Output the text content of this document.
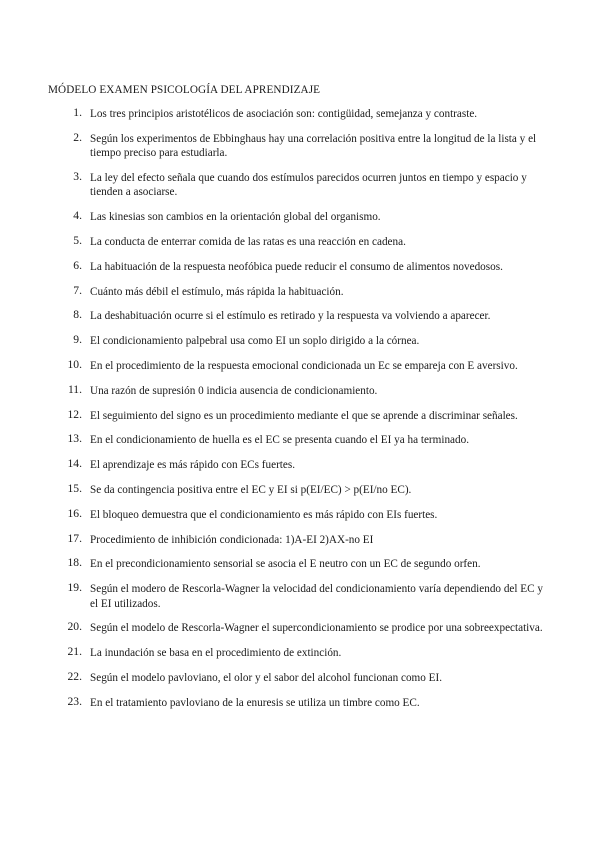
MÓDELO EXAMEN PSICOLOGÍA DEL APRENDIZAJE
1. Los tres principios aristotélicos de asociación son: contigüidad, semejanza y contraste.
2. Según los experimentos de Ebbinghaus hay una correlación positiva entre la longitud de la lista y el tiempo preciso para estudiarla.
3. La ley del efecto señala que cuando dos estímulos parecidos ocurren juntos en tiempo y espacio y tienden a asociarse.
4. Las kinesias son cambios en la orientación global del organismo.
5. La conducta de enterrar comida de las ratas es una reacción en cadena.
6. La habituación de la respuesta neofóbica puede reducir el consumo de alimentos novedosos.
7. Cuánto más débil el estímulo, más rápida la habituación.
8. La deshabituación ocurre si el estímulo es retirado y la respuesta va volviendo a aparecer.
9. El condicionamiento palpebral usa como EI un soplo dirigido a la córnea.
10. En el procedimiento de la respuesta emocional condicionada un Ec se empareja con E aversivo.
11. Una razón de supresión 0 indicia ausencia de condicionamiento.
12. El seguimiento del signo es un procedimiento mediante el que se aprende a discriminar señales.
13. En el condicionamiento de huella es el EC se presenta cuando el EI ya ha terminado.
14. El aprendizaje es más rápido con ECs fuertes.
15. Se da contingencia positiva entre el EC y EI si p(EI/EC) > p(EI/no EC).
16. El bloqueo demuestra que el condicionamiento es más rápido con EIs fuertes.
17. Procedimiento de inhibición condicionada: 1)A-EI 2)AX-no EI
18. En el precondicionamiento sensorial se asocia el E neutro con un EC de segundo orfen.
19. Según el modero de Rescorla-Wagner la velocidad del condicionamiento varía dependiendo del EC y el EI utilizados.
20. Según el modelo de Rescorla-Wagner el supercondicionamiento se prodice por una sobreexpectativa.
21. La inundación se basa en el procedimiento de extinción.
22. Según el modelo pavloviano, el olor y el sabor del alcohol funcionan como EI.
23. En el tratamiento pavloviano de la enuresis se utiliza un timbre como EC.
